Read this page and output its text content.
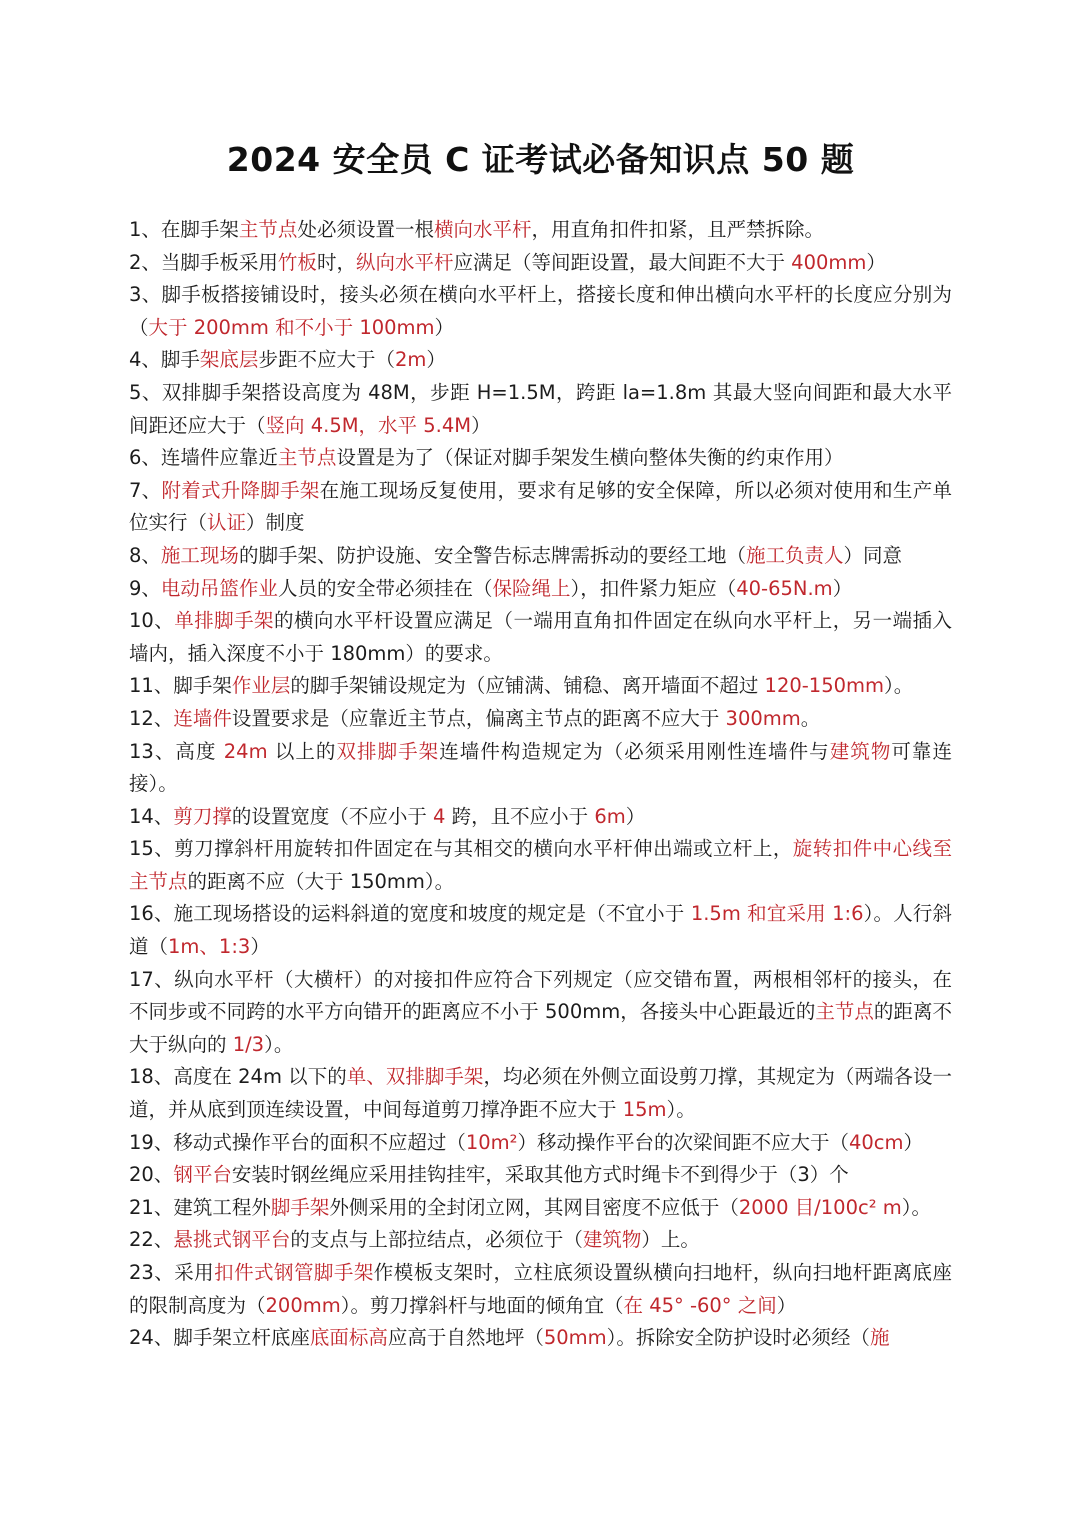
2024 安全员 C 证考试必备知识点 50 题

1、在脚手架主节点处必须设置一根横向水平杆，用直角扣件扣紧，且严禁拆除。

2、当脚手板采用竹板时，纵向水平杆应满足（等间距设置，最大间距不大于 400mm）

3、脚手板搭接铺设时，接头必须在横向水平杆上，搭接长度和伸出横向水平杆的长度应分别为（大于 200mm 和不小于 100mm）

4、脚手架底层步距不应大于（2m）

5、双排脚手架搭设高度为 48M，步距 H=1.5M，跨距 la=1.8m 其最大竖向间距和最大水平间距还应大于（竖向 4.5M，水平 5.4M）

6、连墙件应靠近主节点设置是为了（保证对脚手架发生横向整体失衡的约束作用）

7、附着式升降脚手架在施工现场反复使用，要求有足够的安全保障，所以必须对使用和生产单位实行（认证）制度

8、施工现场的脚手架、防护设施、安全警告标志牌需拆动的要经工地（施工负责人）同意

9、电动吊篮作业人员的安全带必须挂在（保险绳上），扣件紧力矩应（40-65N.m）

10、单排脚手架的横向水平杆设置应满足（一端用直角扣件固定在纵向水平杆上，另一端插入墙内，插入深度不小于 180mm）的要求。

11、脚手架作业层的脚手架铺设规定为（应铺满、铺稳、离开墙面不超过 120-150mm）。

12、连墙件设置要求是（应靠近主节点，偏离主节点的距离不应大于 300mm。

13、高度 24m 以上的双排脚手架连墙件构造规定为（必须采用刚性连墙件与建筑物可靠连接）。

14、剪刀撑的设置宽度（不应小于 4 跨，且不应小于 6m）

15、剪刀撑斜杆用旋转扣件固定在与其相交的横向水平杆伸出端或立杆上，旋转扣件中心线至主节点的距离不应（大于 150mm）。

16、施工现场搭设的运料斜道的宽度和坡度的规定是（不宜小于 1.5m 和宜采用 1:6）。人行斜道（1m、1:3）

17、纵向水平杆（大横杆）的对接扣件应符合下列规定（应交错布置，两根相邻杆的接头，在不同步或不同跨的水平方向错开的距离应不小于 500mm，各接头中心距最近的主节点的距离不大于纵向的 1/3）。

18、高度在 24m 以下的单、双排脚手架，均必须在外侧立面设剪刀撑，其规定为（两端各设一道，并从底到顶连续设置，中间每道剪刀撑净距不应大于 15m）。

19、移动式操作平台的面积不应超过（10m²）移动操作平台的次梁间距不应大于（40cm）

20、钢平台安装时钢丝绳应采用挂钩挂牢，采取其他方式时绳卡不到得少于（3）个

21、建筑工程外脚手架外侧采用的全封闭立网，其网目密度不应低于（2000 目/100c² m）。

22、悬挑式钢平台的支点与上部拉结点，必须位于（建筑物）上。

23、采用扣件式钢管脚手架作模板支架时，立柱底须设置纵横向扫地杆，纵向扫地杆距离底座的限制高度为（200mm）。剪刀撑斜杆与地面的倾角宜（在 45° -60° 之间）

24、脚手架立杆底座底面标高应高于自然地坪（50mm）。拆除安全防护设时必须经（施
